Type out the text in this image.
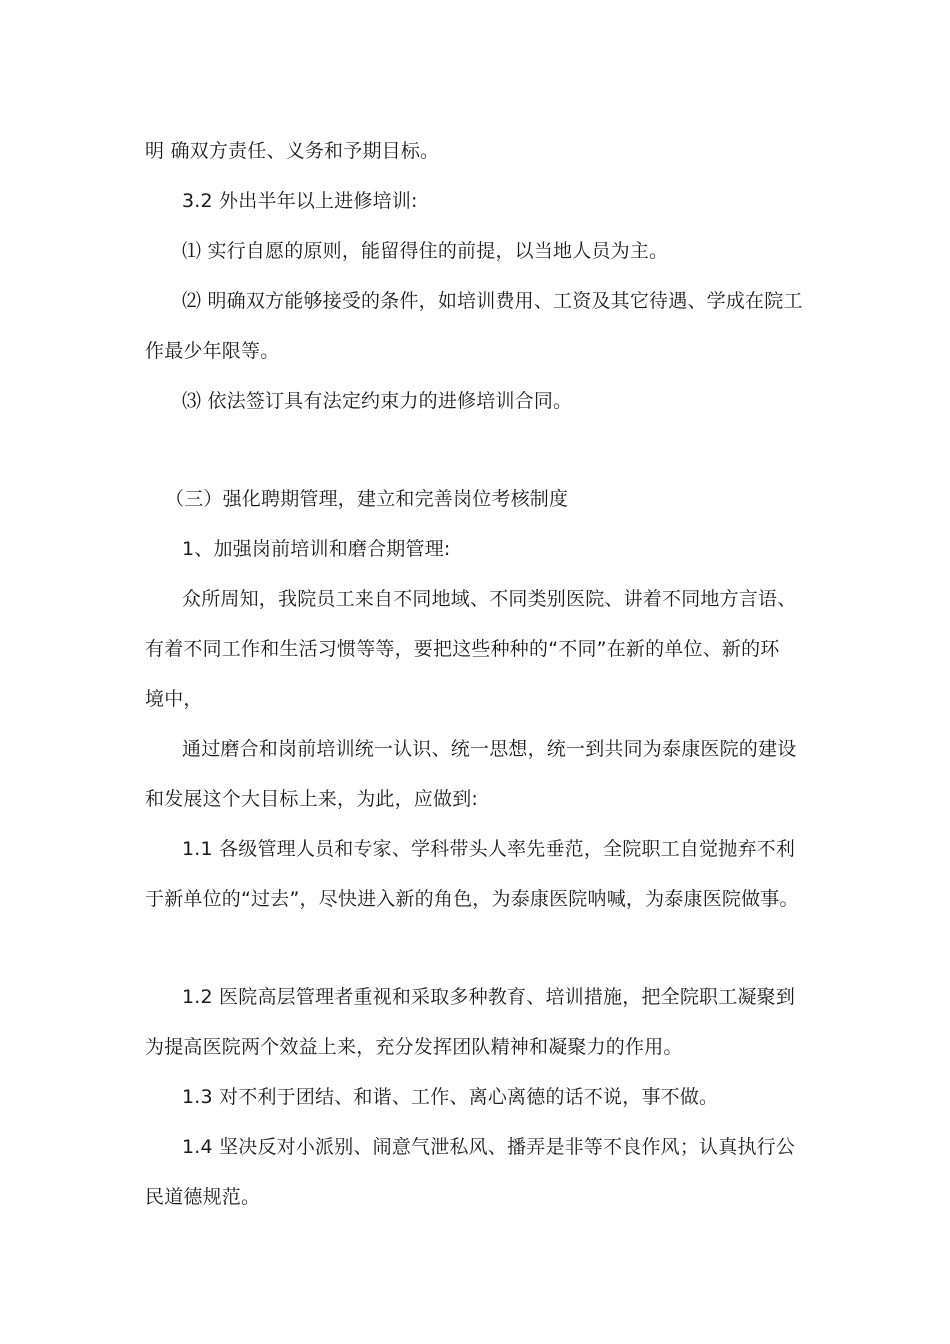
明 确双方责任、义务和予期目标。
3.2 外出半年以上进修培训:
⑴ 实行自愿的原则，能留得住的前提，以当地人员为主。
⑵ 明确双方能够接受的条件，如培训费用、工资及其它待遇、学成在院工
作最少年限等。
⑶ 依法签订具有法定约束力的进修培训合同。
（三）强化聘期管理，建立和完善岗位考核制度
1、加强岗前培训和磨合期管理:
众所周知，我院员工来自不同地域、不同类别医院、讲着不同地方言语、
有着不同工作和生活习惯等等，要把这些种种的“不同”在新的单位、新的环
境中，
通过磨合和岗前培训统一认识、统一思想，统一到共同为泰康医院的建设
和发展这个大目标上来，为此，应做到:
1.1 各级管理人员和专家、学科带头人率先垂范，全院职工自觉抛弃不利
于新单位的“过去”，尽快进入新的角色，为泰康医院呐喊，为泰康医院做事。
1.2 医院高层管理者重视和采取多种教育、培训措施，把全院职工凝聚到
为提高医院两个效益上来，充分发挥团队精神和凝聚力的作用。
1.3 对不利于团结、和谐、工作、离心离德的话不说，事不做。
1.4 坚决反对小派别、闹意气泄私风、播弄是非等不良作风；认真执行公
民道德规范。
